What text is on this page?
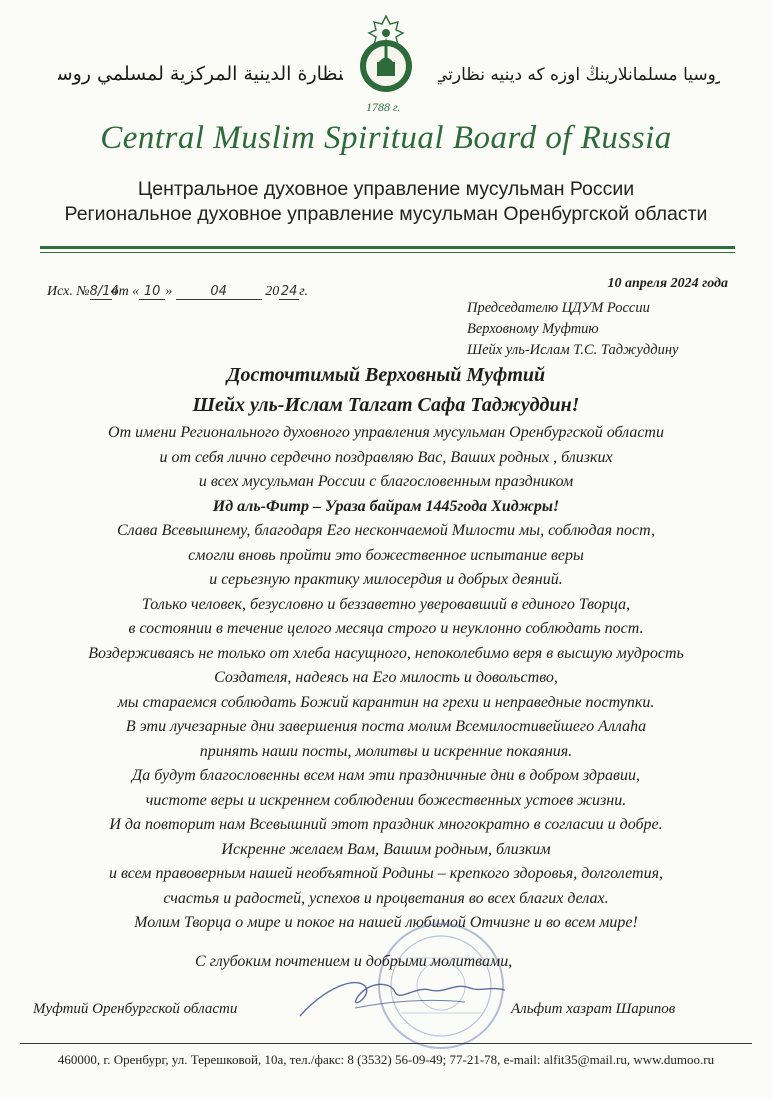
النظارة الدينية المركزية لمسلمي روسيا	روسيا مسلمانلارينڭ اوزه كه دينيه نظارتي
1788 г.
Central Muslim Spiritual Board of Russia
Центральное духовное управление мусульман России
Региональное духовное управление мусульман Оренбургской области
Исх. №8/14от « 10 »	04	20 24 г.
10 апреля 2024 года
Председателю ЦДУМ России
Верховному Муфтию
Шейх уль-Ислам Т.С. Таджуддину
Досточтимый Верховный Муфтий
Шейх уль-Ислам Талгат Сафа Таджуддин!
От имени Регионального духовного управления мусульман Оренбургской области
и от себя лично сердечно поздравляю Вас, Ваших родных , близких
и всех мусульман России с благословенным праздником
Ид аль-Фитр – Ураза байрам 1445года Хиджры!
Слава Всевышнему, благодаря Его нескончаемой Милости мы, соблюдая пост,
смогли вновь пройти это божественное испытание веры
и серьезную практику милосердия и добрых деяний.
Только человек, безусловно и беззаветно уверовавший в единого Творца,
в состоянии в течение целого месяца строго и неуклонно соблюдать пост.
Воздерживаясь не только от хлеба насущного, непоколебимо веря в высшую мудрость
Создателя, надеясь на Его милость и довольство,
мы стараемся соблюдать Божий карантин на грехи и неправедные поступки.
В эти лучезарные дни завершения поста молим Всемилостивейшего Аллаhа
принять наши посты, молитвы и искренние покаяния.
Да будут благословенны всем нам эти праздничные дни в добром здравии,
чистоте веры и искреннем соблюдении божественных устоев жизни.
И да повторит нам Всевышний этот праздник многократно в согласии и добре.
Искренне желаем Вам, Вашим родным, близким
и всем правоверным нашей необъятной Родины – крепкого здоровья, долголетия,
счастья и радостей, успехов и процветания во всех благих делах.
Молим Творца о мире и покое на нашей любимой Отчизне и во всем мире!
С глубоким почтением и добрыми молитвами,
Муфтий Оренбургской области	Альфит хазрат Шарипов
460000, г. Оренбург, ул. Терешковой, 10а, тел./факс: 8 (3532) 56-09-49; 77-21-78, e-mail: alfit35@mail.ru, www.dumoo.ru
